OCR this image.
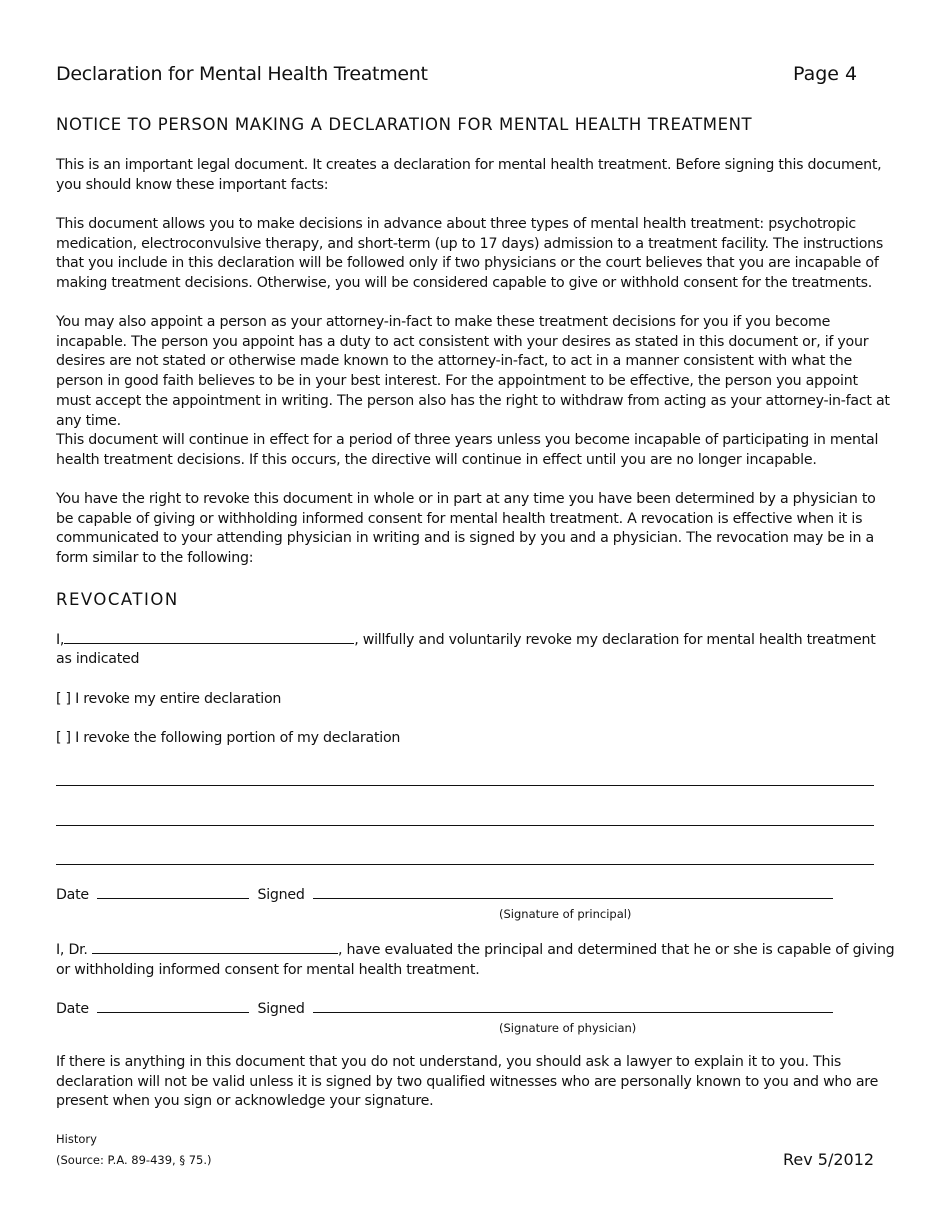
Declaration for Mental Health Treatment	Page 4
NOTICE TO PERSON MAKING A DECLARATION FOR MENTAL HEALTH TREATMENT
This is an important legal document. It creates a declaration for mental health treatment. Before signing this document, you should know these important facts:
This document allows you to make decisions in advance about three types of mental health treatment: psychotropic medication, electroconvulsive therapy, and short-term (up to 17 days) admission to a treatment facility. The instructions that you include in this declaration will be followed only if two physicians or the court believes that you are incapable of making treatment decisions. Otherwise, you will be considered capable to give or withhold consent for the treatments.
You may also appoint a person as your attorney-in-fact to make these treatment decisions for you if you become incapable. The person you appoint has a duty to act consistent with your desires as stated in this document or, if your desires are not stated or otherwise made known to the attorney-in-fact, to act in a manner consistent with what the person in good faith believes to be in your best interest. For the appointment to be effective, the person you appoint must accept the appointment in writing. The person also has the right to withdraw from acting as your attorney-in-fact at any time.
This document will continue in effect for a period of three years unless you become incapable of participating in mental health treatment decisions. If this occurs, the directive will continue in effect until you are no longer incapable.
You have the right to revoke this document in whole or in part at any time you have been determined by a physician to be capable of giving or withholding informed consent for mental health treatment. A revocation is effective when it is communicated to your attending physician in writing and is signed by you and a physician. The revocation may be in a form similar to the following:
REVOCATION
I,	, willfully and voluntarily revoke my declaration for mental health treatment
as indicated
[ ] I revoke my entire declaration
[ ] I revoke the following portion of my declaration
Date	Signed
(Signature of principal)
I, Dr.	, have evaluated the principal and determined that he or she is capable of giving
or withholding informed consent for mental health treatment.
Date	Signed
(Signature of physician)
If there is anything in this document that you do not understand, you should ask a lawyer to explain it to you. This declaration will not be valid unless it is signed by two qualified witnesses who are personally known to you and who are present when you sign or acknowledge your signature.
History
(Source: P.A. 89-439, § 75.)	Rev 5/2012
